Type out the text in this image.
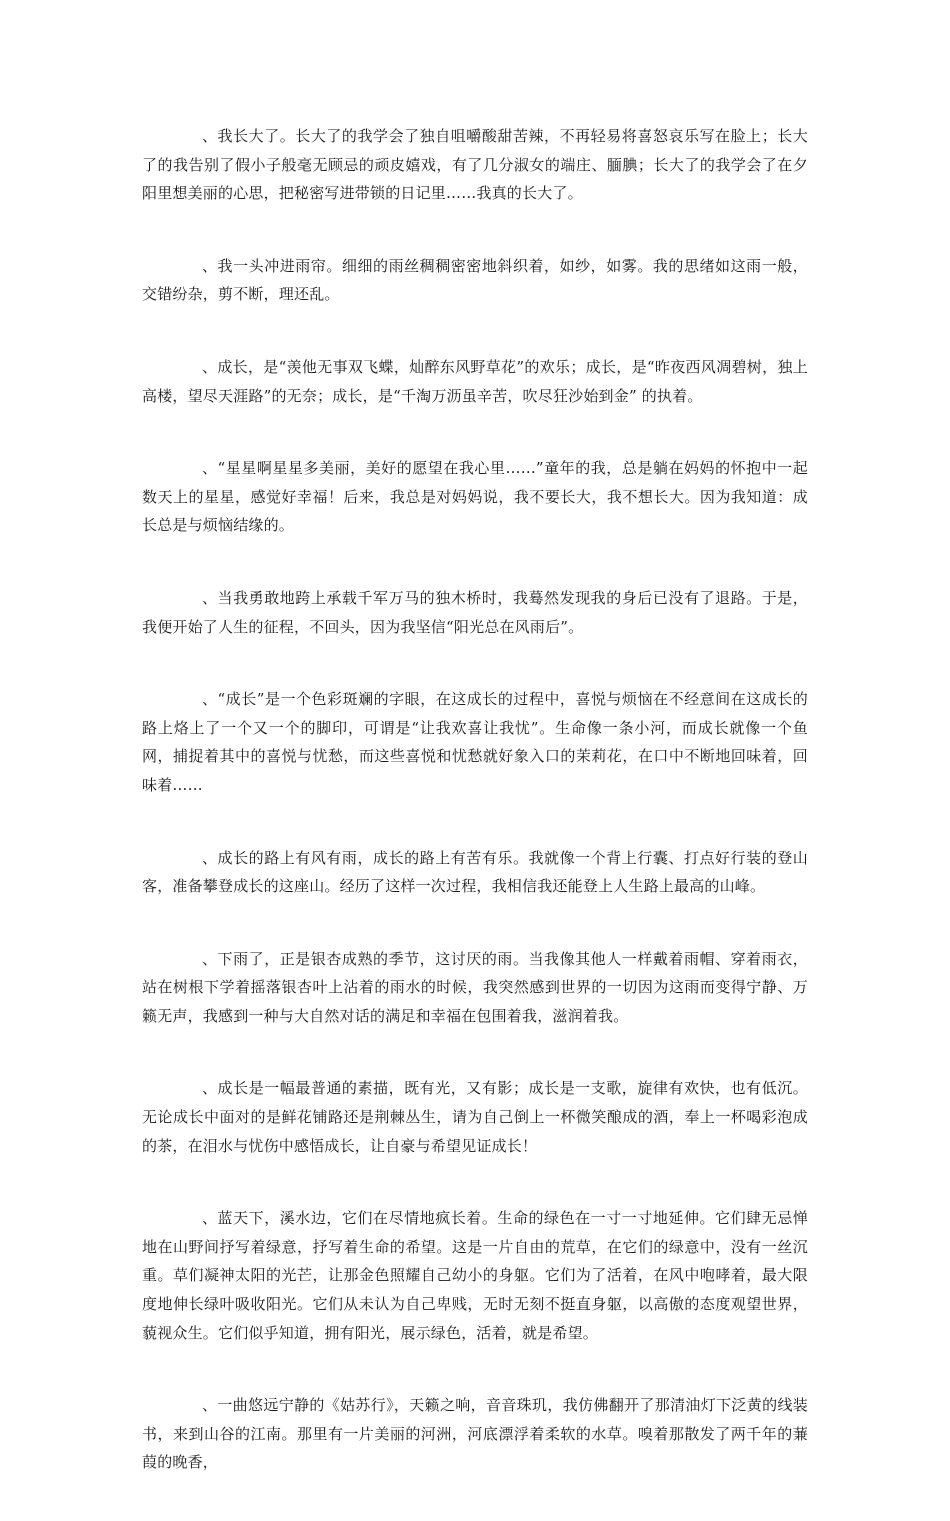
、我长大了。长大了的我学会了独自咀嚼酸甜苦辣，不再轻易将喜怒哀乐写在脸上；长大了的我告别了假小子般毫无顾忌的顽皮嬉戏，有了几分淑女的端庄、腼腆；长大了的我学会了在夕阳里想美丽的心思，把秘密写进带锁的日记里……我真的长大了。

、我一头冲进雨帘。细细的雨丝稠稠密密地斜织着，如纱，如雾。我的思绪如这雨一般，交错纷杂，剪不断，理还乱。

、成长，是“羡他无事双飞蝶，灿醉东风野草花”的欢乐；成长，是“昨夜西风凋碧树，独上高楼，望尽天涯路”的无奈；成长，是“千淘万沥虽辛苦，吹尽狂沙始到金” 的执着。

、“星星啊星星多美丽，美好的愿望在我心里……”童年的我，总是躺在妈妈的怀抱中一起数天上的星星，感觉好幸福！后来，我总是对妈妈说，我不要长大，我不想长大。因为我知道：成长总是与烦恼结缘的。

、当我勇敢地跨上承载千军万马的独木桥时，我蓦然发现我的身后已没有了退路。于是，我便开始了人生的征程，不回头，因为我坚信“阳光总在风雨后”。

、“成长”是一个色彩斑斓的字眼，在这成长的过程中，喜悦与烦恼在不经意间在这成长的路上烙上了一个又一个的脚印，可谓是“让我欢喜让我忧”。生命像一条小河，而成长就像一个鱼网，捕捉着其中的喜悦与忧愁，而这些喜悦和忧愁就好象入口的茉莉花，在口中不断地回味着，回味着……

、成长的路上有风有雨，成长的路上有苦有乐。我就像一个背上行囊、打点好行装的登山客，准备攀登成长的这座山。经历了这样一次过程，我相信我还能登上人生路上最高的山峰。

、下雨了，正是银杏成熟的季节，这讨厌的雨。当我像其他人一样戴着雨帽、穿着雨衣，站在树根下学着摇落银杏叶上沾着的雨水的时候，我突然感到世界的一切因为这雨而变得宁静、万籁无声，我感到一种与大自然对话的满足和幸福在包围着我，滋润着我。

、成长是一幅最普通的素描，既有光，又有影；成长是一支歌，旋律有欢快，也有低沉。无论成长中面对的是鲜花铺路还是荆棘丛生，请为自己倒上一杯微笑酿成的酒，奉上一杯喝彩泡成的茶，在泪水与忧伤中感悟成长，让自豪与希望见证成长！

、蓝天下，溪水边，它们在尽情地疯长着。生命的绿色在一寸一寸地延伸。它们肆无忌惮地在山野间抒写着绿意，抒写着生命的希望。这是一片自由的荒草，在它们的绿意中，没有一丝沉重。草们凝神太阳的光芒，让那金色照耀自己幼小的身躯。它们为了活着，在风中咆哮着，最大限度地伸长绿叶吸收阳光。它们从未认为自己卑贱，无时无刻不挺直身躯，以高傲的态度观望世界，藐视众生。它们似乎知道，拥有阳光，展示绿色，活着，就是希望。

、一曲悠远宁静的《姑苏行》，天籁之响，音音珠玑，我仿佛翻开了那清油灯下泛黄的线装书，来到山谷的江南。那里有一片美丽的河洲，河底漂浮着柔软的水草。嗅着那散发了两千年的蒹葭的晚香，
